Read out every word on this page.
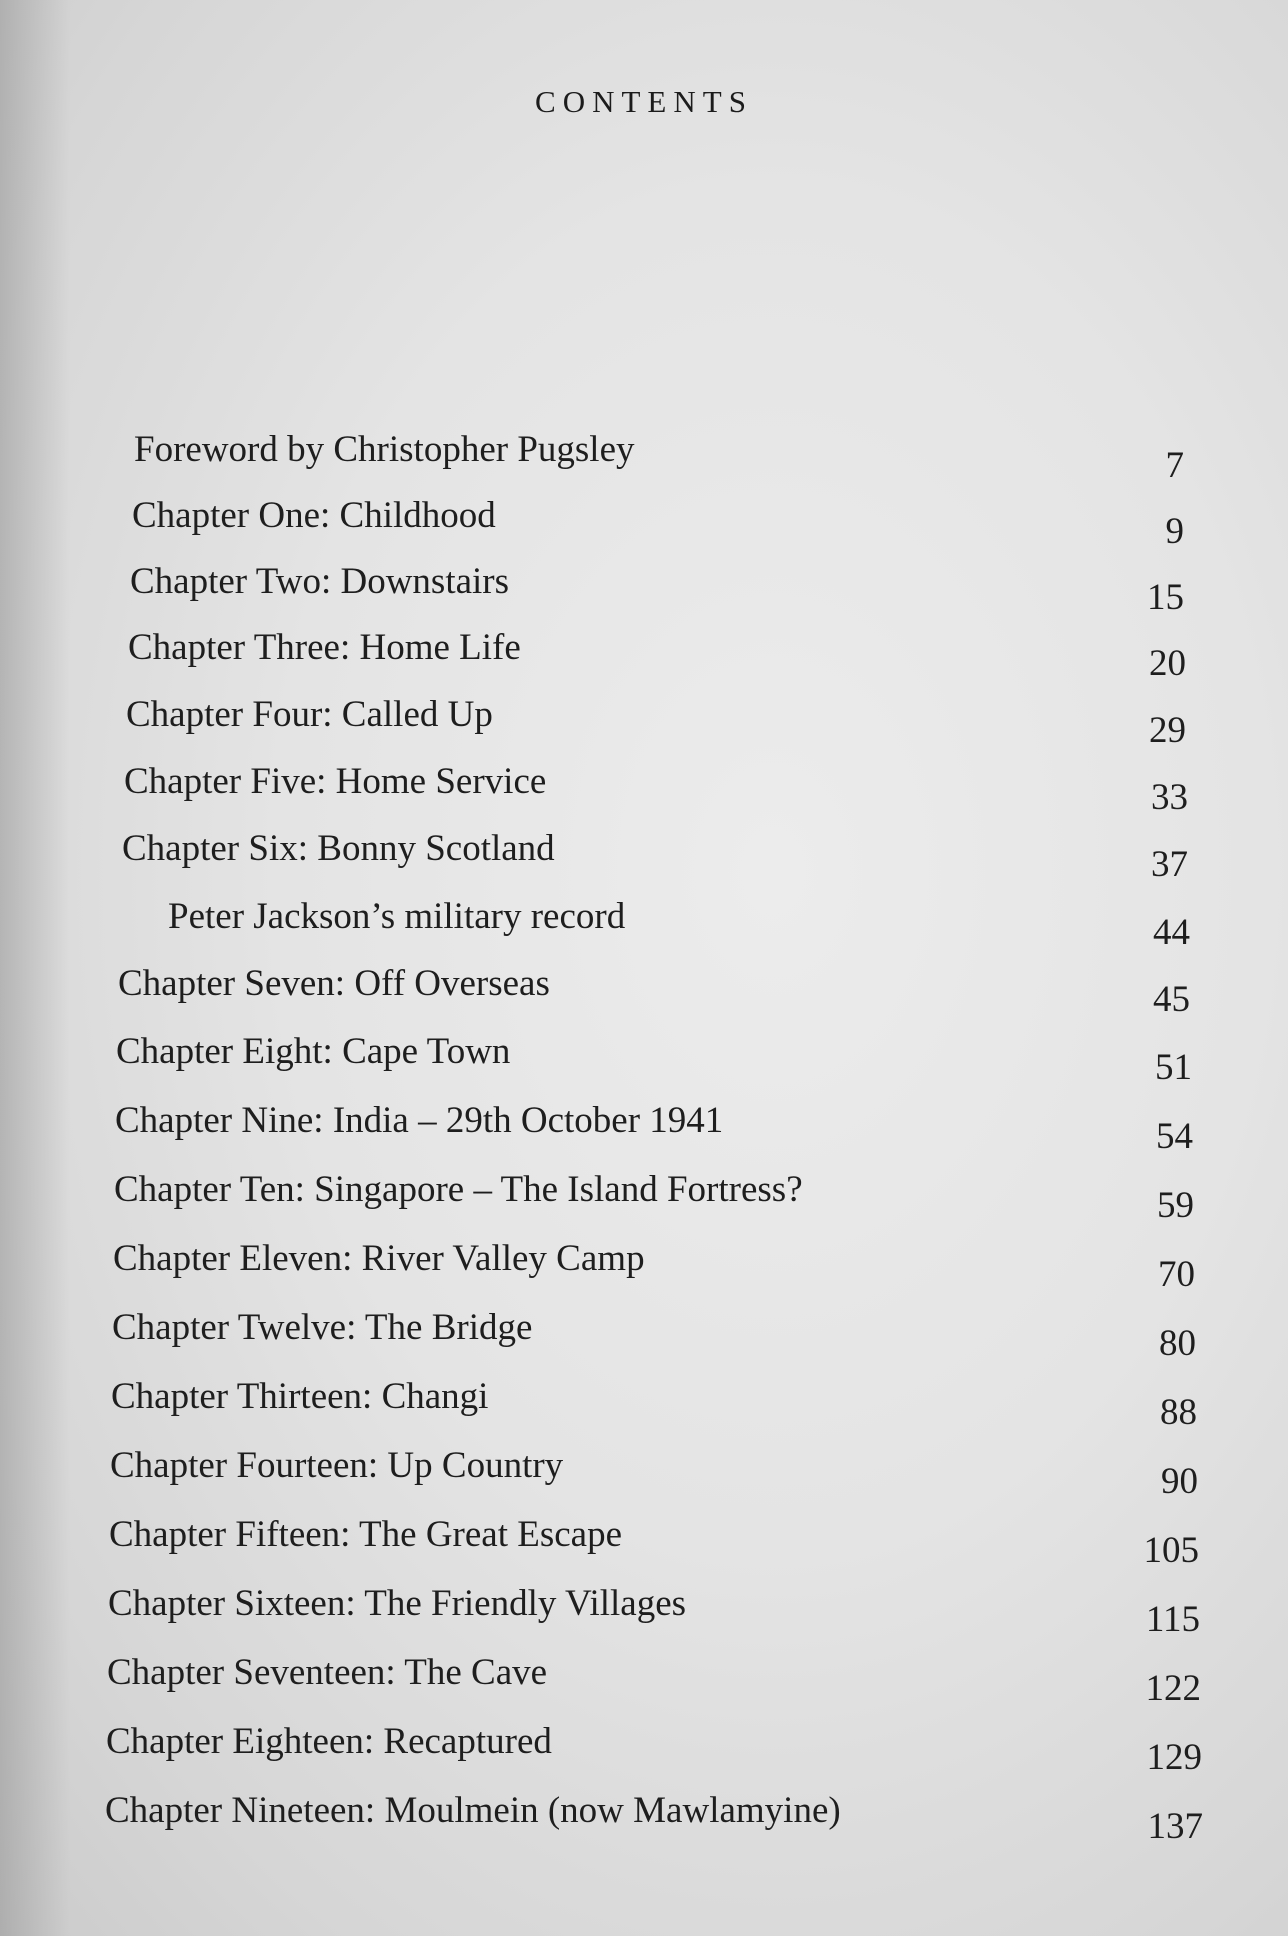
CONTENTS
Foreword by Christopher Pugsley	7
Chapter One: Childhood	9
Chapter Two: Downstairs	15
Chapter Three: Home Life	20
Chapter Four: Called Up	29
Chapter Five: Home Service	33
Chapter Six: Bonny Scotland	37
Peter Jackson’s military record	44
Chapter Seven: Off Overseas	45
Chapter Eight: Cape Town	51
Chapter Nine: India – 29th October 1941	54
Chapter Ten: Singapore – The Island Fortress?	59
Chapter Eleven: River Valley Camp	70
Chapter Twelve: The Bridge	80
Chapter Thirteen: Changi	88
Chapter Fourteen: Up Country	90
Chapter Fifteen: The Great Escape	105
Chapter Sixteen: The Friendly Villages	115
Chapter Seventeen: The Cave	122
Chapter Eighteen: Recaptured	129
Chapter Nineteen: Moulmein (now Mawlamyine)	137
